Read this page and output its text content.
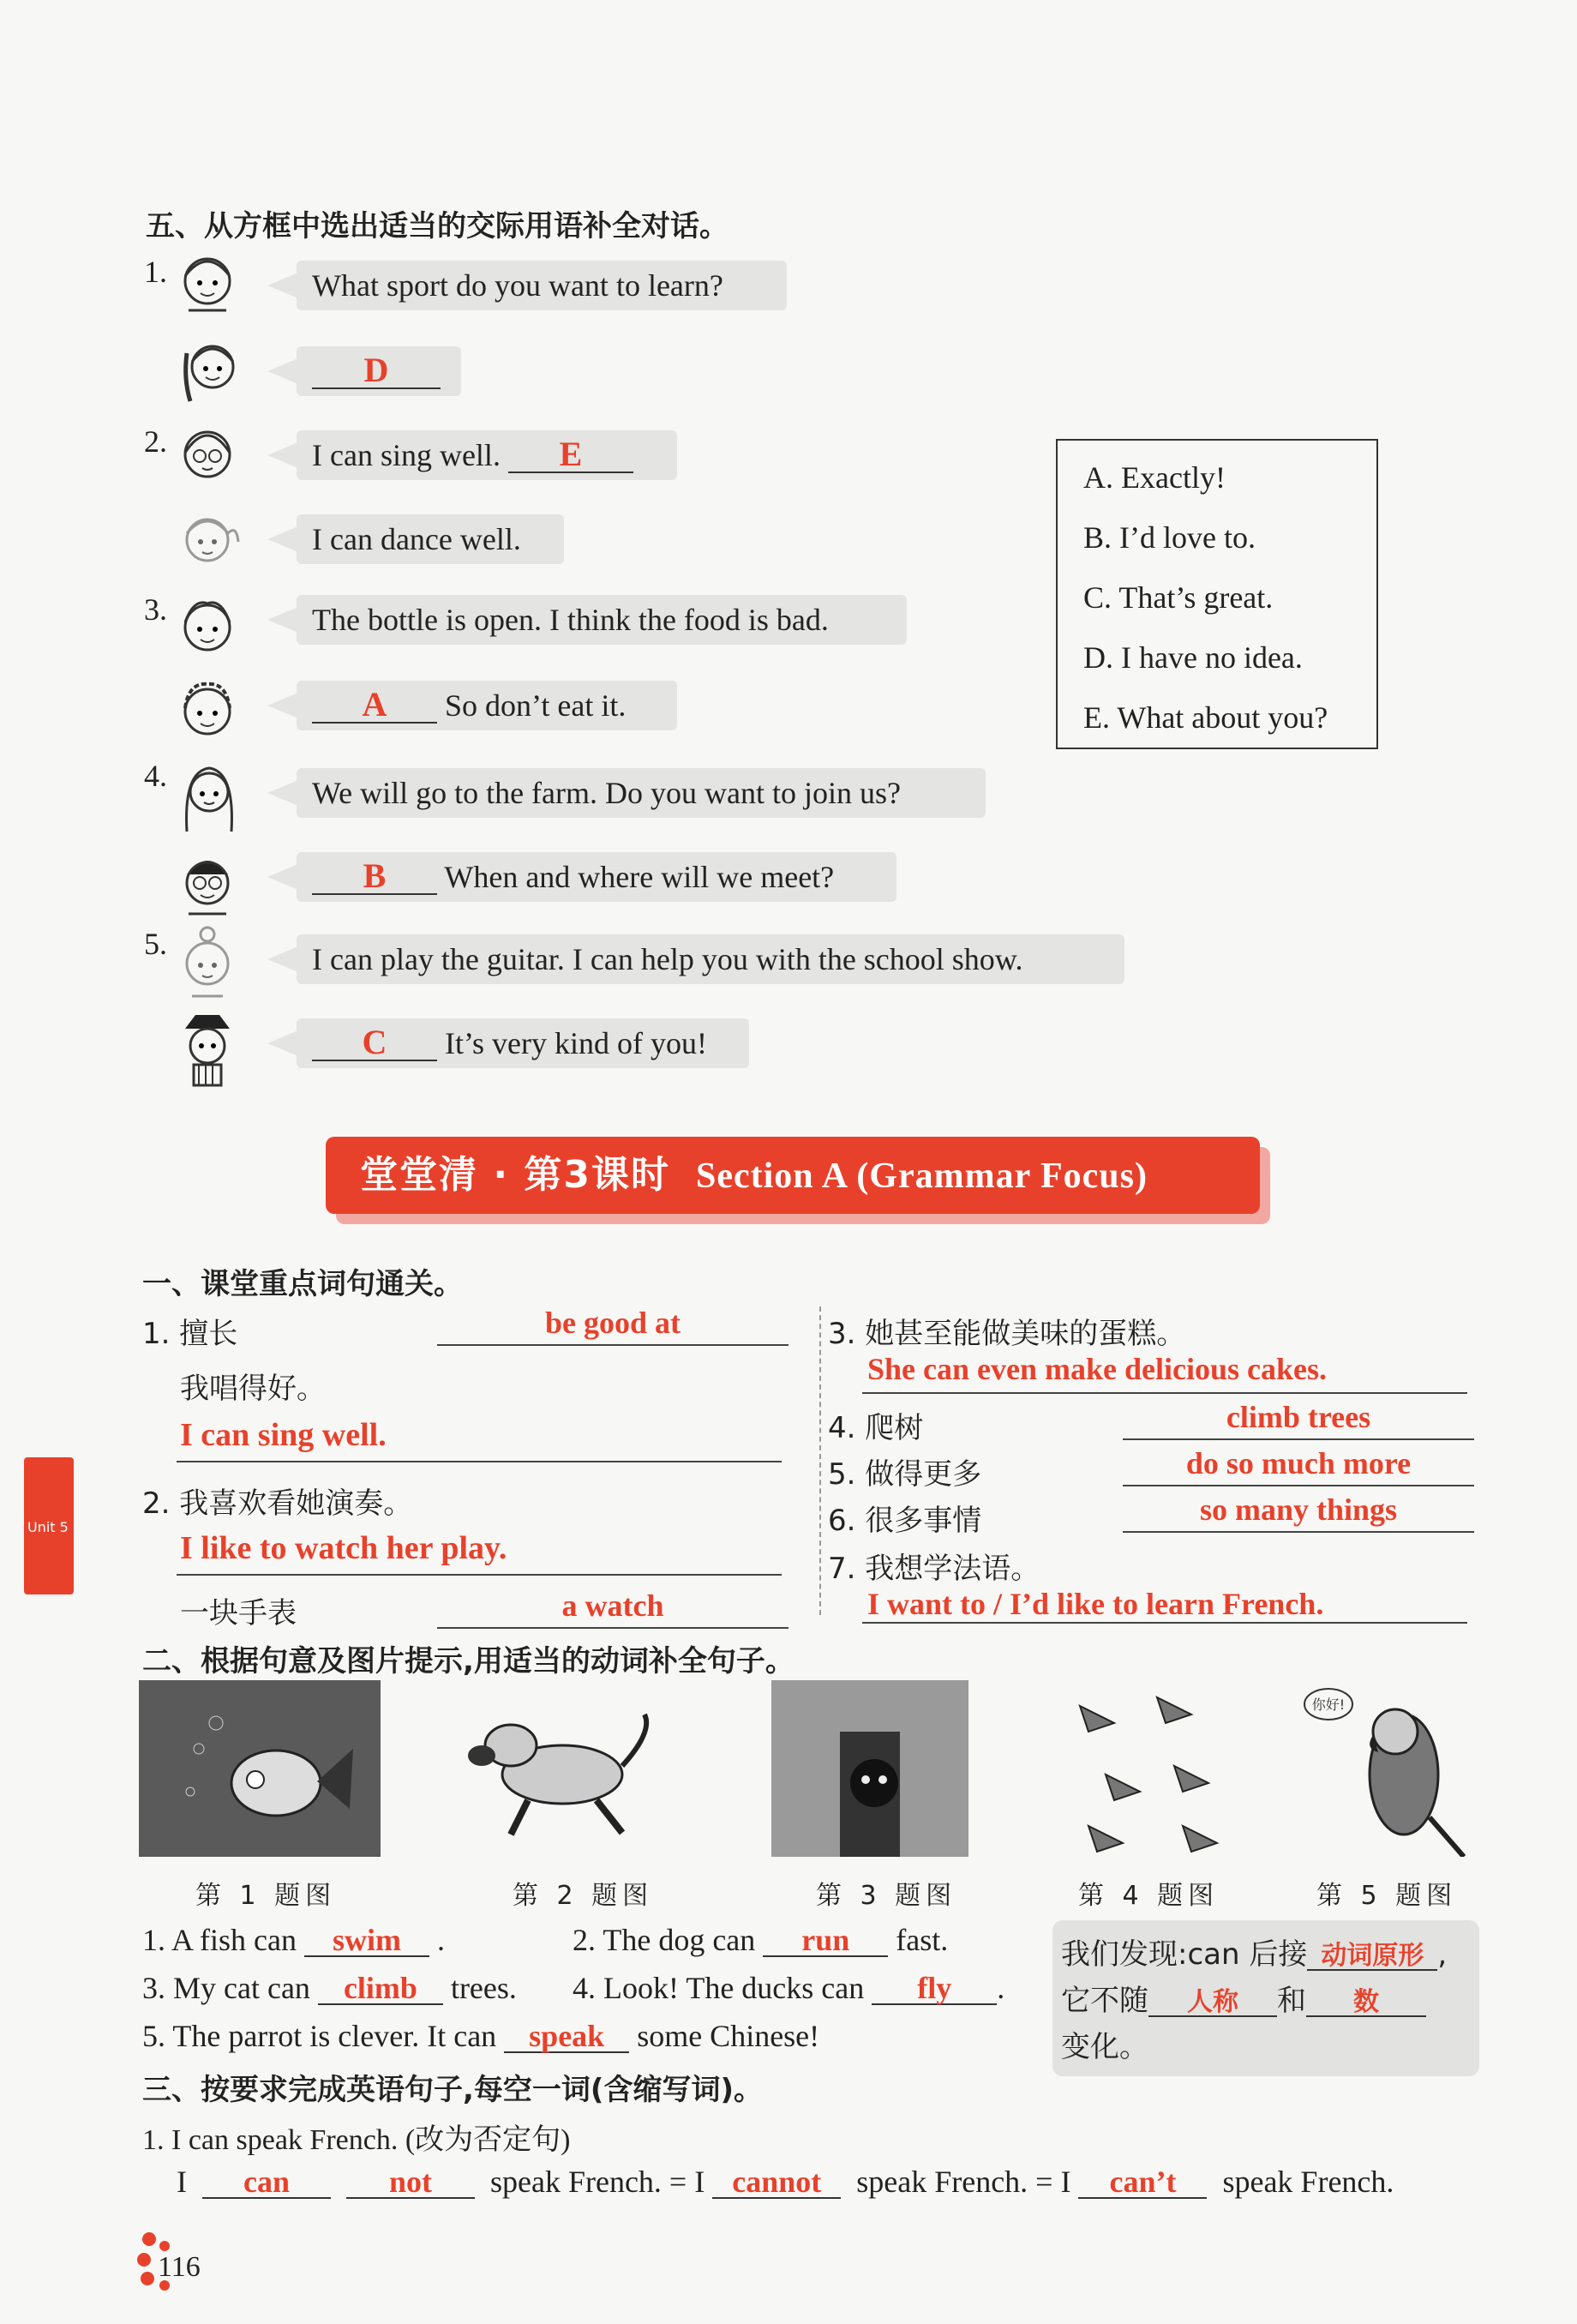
五、从方框中选出适当的交际用语补全对话。
1.
2.
3.
4.
5.
What sport do you want to learn?
D
I can sing well. E
I can dance well.
The bottle is open. I think the food is bad.
A So don’t eat it.
We will go to the farm. Do you want to join us?
B When and where will we meet?
I can play the guitar. I can help you with the school show.
C It’s very kind of you!
A. Exactly!
B. I’d love to.
C. That’s great.
D. I have no idea.
E. What about you?
堂堂清 · 第3课时 Section A (Grammar Focus)
一、课堂重点词句通关。
1. 擅长	be good at
我唱得好。
I can sing well.
2. 我喜欢看她演奏。
I like to watch her play.
一块手表	a watch
3. 她甚至能做美味的蛋糕。
She can even make delicious cakes.
4. 爬树	climb trees
5. 做得更多	do so much more
6. 很多事情	so many things
7. 我想学法语。
I want to / I’d like to learn French.
二、根据句意及图片提示,用适当的动词补全句子。
你好!
第 1 题图	第 2 题图	第 3 题图	第 4 题图	第 5 题图
1. A fish can swim .	2. The dog can run fast.
3. My cat can climb trees. 4. Look! The ducks can fly .
5. The parrot is clever. It can speak some Chinese!
我们发现:can 后接 动词原形 ,
它不随 人称 和 数
变化。
三、按要求完成英语句子,每空一词(含缩写词)。
1. I can speak French. (改为否定句)
I can	not speak French. = I cannot speak French. = I can’t speak French.
Unit 5
116
